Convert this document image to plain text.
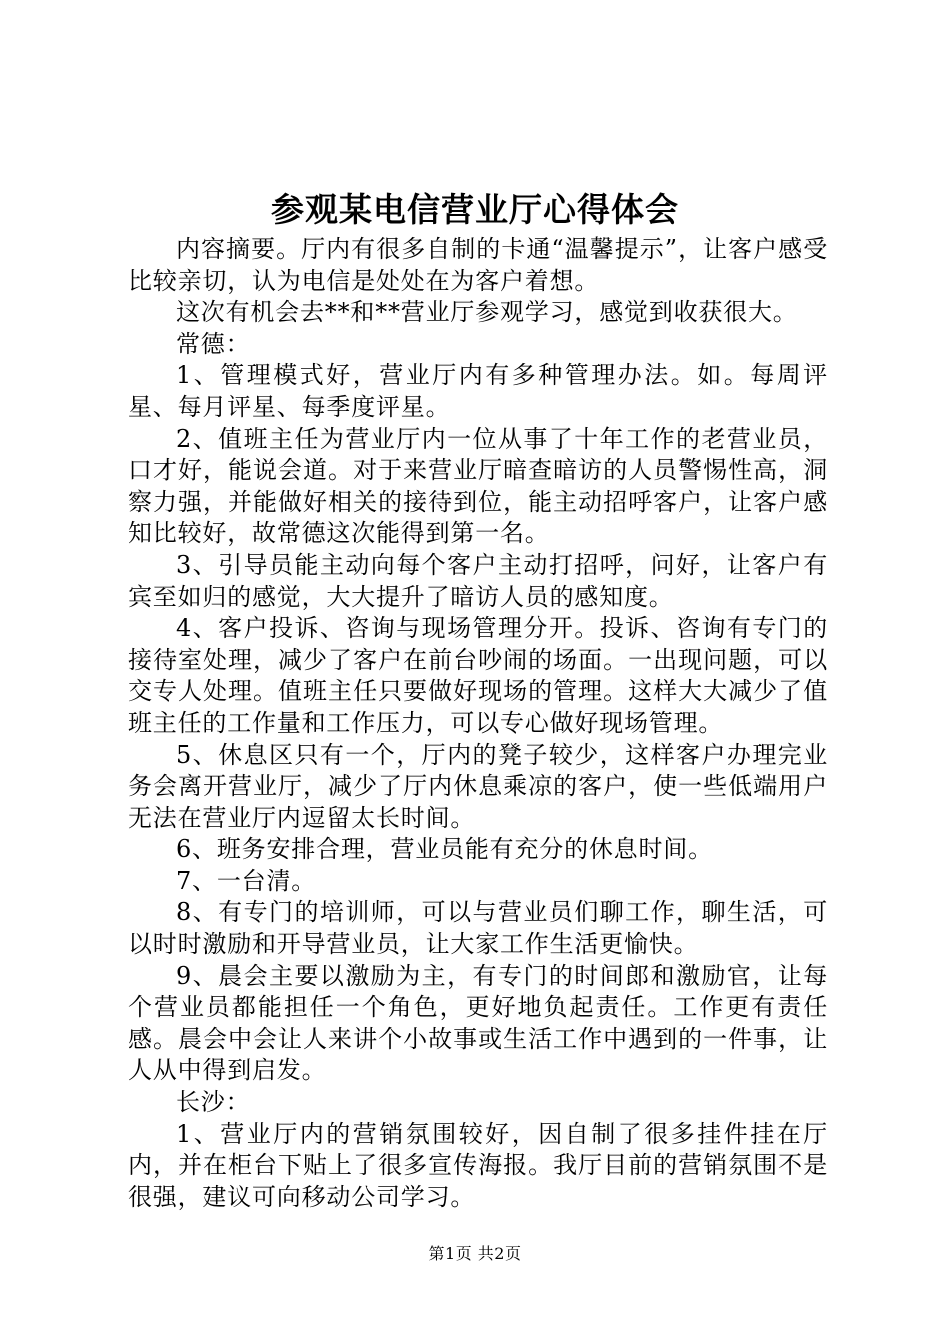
参观某电信营业厅心得体会

内容摘要。厅内有很多自制的卡通“温馨提示”，让客户感受比较亲切，认为电信是处处在为客户着想。

这次有机会去**和**营业厅参观学习，感觉到收获很大。

常德：

1、管理模式好，营业厅内有多种管理办法。如。每周评星、每月评星、每季度评星。

2、值班主任为营业厅内一位从事了十年工作的老营业员，口才好，能说会道。对于来营业厅暗查暗访的人员警惕性高，洞察力强，并能做好相关的接待到位，能主动招呼客户，让客户感知比较好，故常德这次能得到第一名。

3、引导员能主动向每个客户主动打招呼，问好，让客户有宾至如归的感觉，大大提升了暗访人员的感知度。

4、客户投诉、咨询与现场管理分开。投诉、咨询有专门的接待室处理，减少了客户在前台吵闹的场面。一出现问题，可以交专人处理。值班主任只要做好现场的管理。这样大大减少了值班主任的工作量和工作压力，可以专心做好现场管理。

5、休息区只有一个，厅内的凳子较少，这样客户办理完业务会离开营业厅，减少了厅内休息乘凉的客户，使一些低端用户无法在营业厅内逗留太长时间。

6、班务安排合理，营业员能有充分的休息时间。

7、一台清。

8、有专门的培训师，可以与营业员们聊工作，聊生活，可以时时激励和开导营业员，让大家工作生活更愉快。

9、晨会主要以激励为主，有专门的时间郎和激励官，让每个营业员都能担任一个角色，更好地负起责任。工作更有责任感。晨会中会让人来讲个小故事或生活工作中遇到的一件事，让人从中得到启发。

长沙：

1、营业厅内的营销氛围较好，因自制了很多挂件挂在厅内，并在柜台下贴上了很多宣传海报。我厅目前的营销氛围不是很强，建议可向移动公司学习。

第1页 共2页
